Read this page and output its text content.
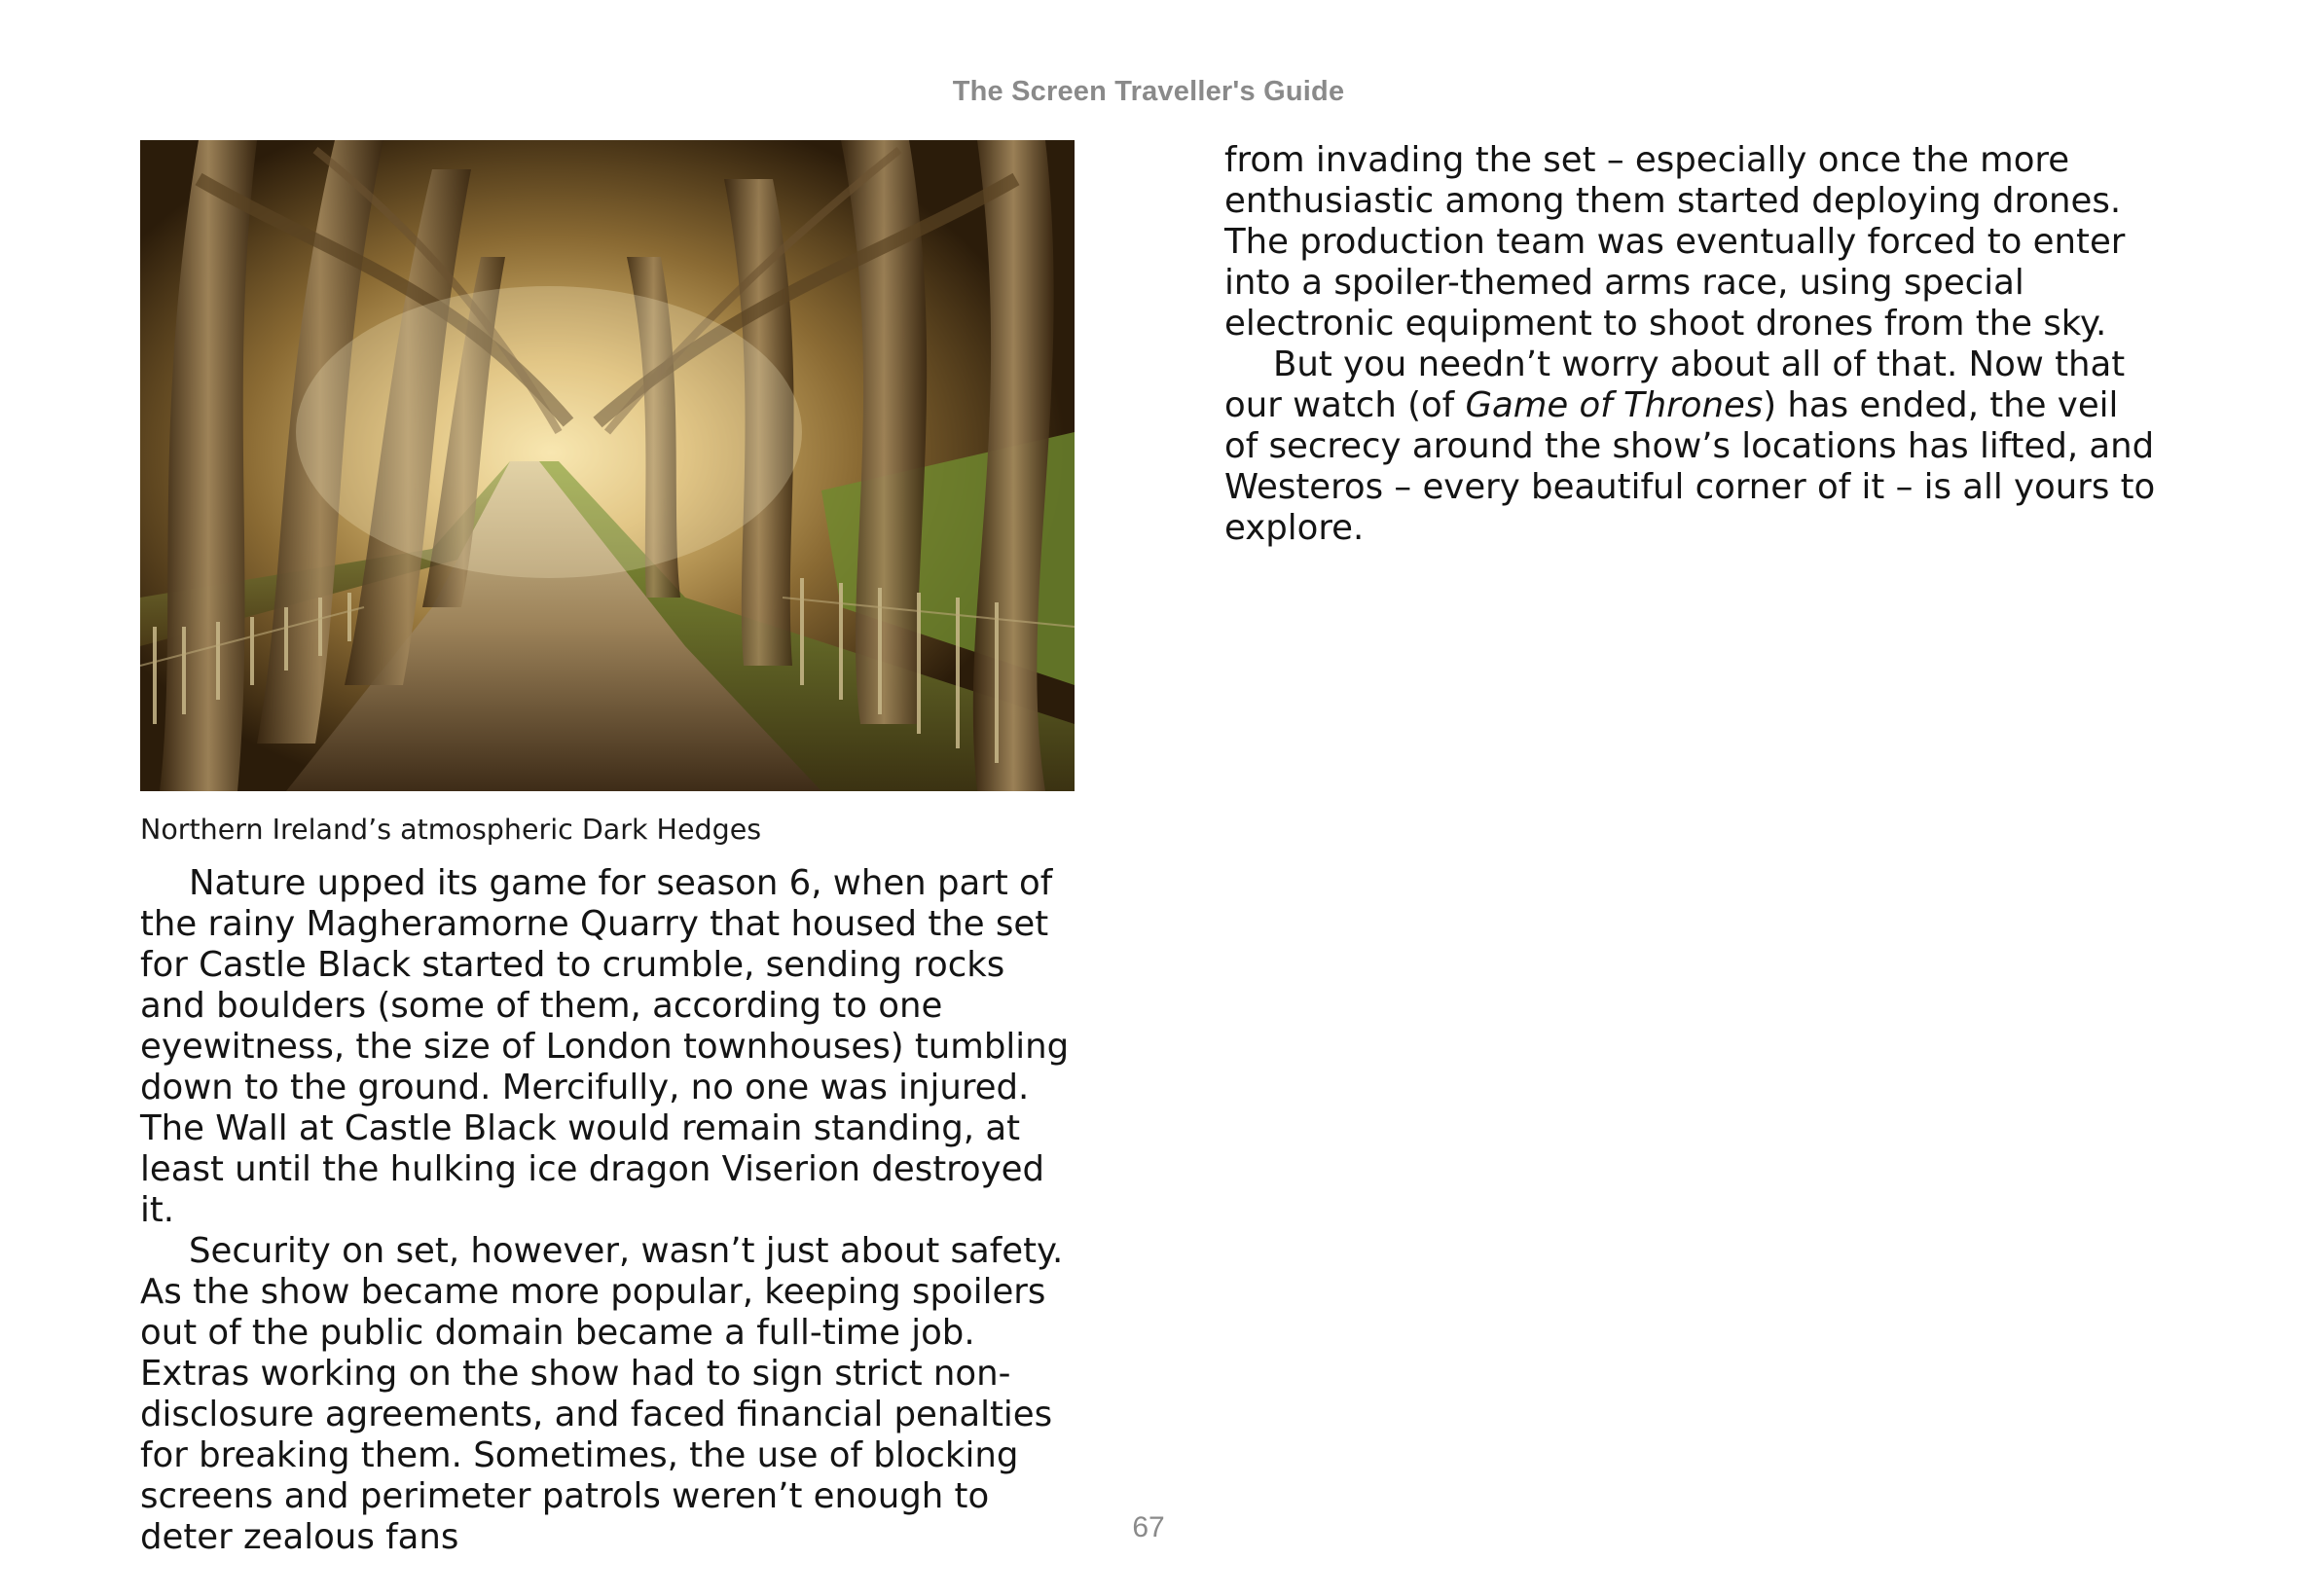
The Screen Traveller's Guide
Northern Ireland’s atmospheric Dark Hedges

Nature upped its game for season 6, when part of the rainy Magheramorne Quarry that housed the set for Castle Black started to crumble, sending rocks and boulders (some of them, according to one eyewitness, the size of London townhouses) tumbling down to the ground. Mercifully, no one was injured. The Wall at Castle Black would remain standing, at least until the hulking ice dragon Viserion destroyed it.

Security on set, however, wasn’t just about safety. As the show became more popular, keeping spoilers out of the public domain became a full-time job. Extras working on the show had to sign strict non-disclosure agreements, and faced financial penalties for breaking them. Sometimes, the use of blocking screens and perimeter patrols weren’t enough to deter zealous fans

from invading the set – especially once the more enthusiastic among them started deploying drones. The production team was eventually forced to enter into a spoiler-themed arms race, using special electronic equipment to shoot drones from the sky.

But you needn’t worry about all of that. Now that our watch (of Game of Thrones) has ended, the veil of secrecy around the show’s locations has lifted, and Westeros – every beautiful corner of it – is all yours to explore.

67
